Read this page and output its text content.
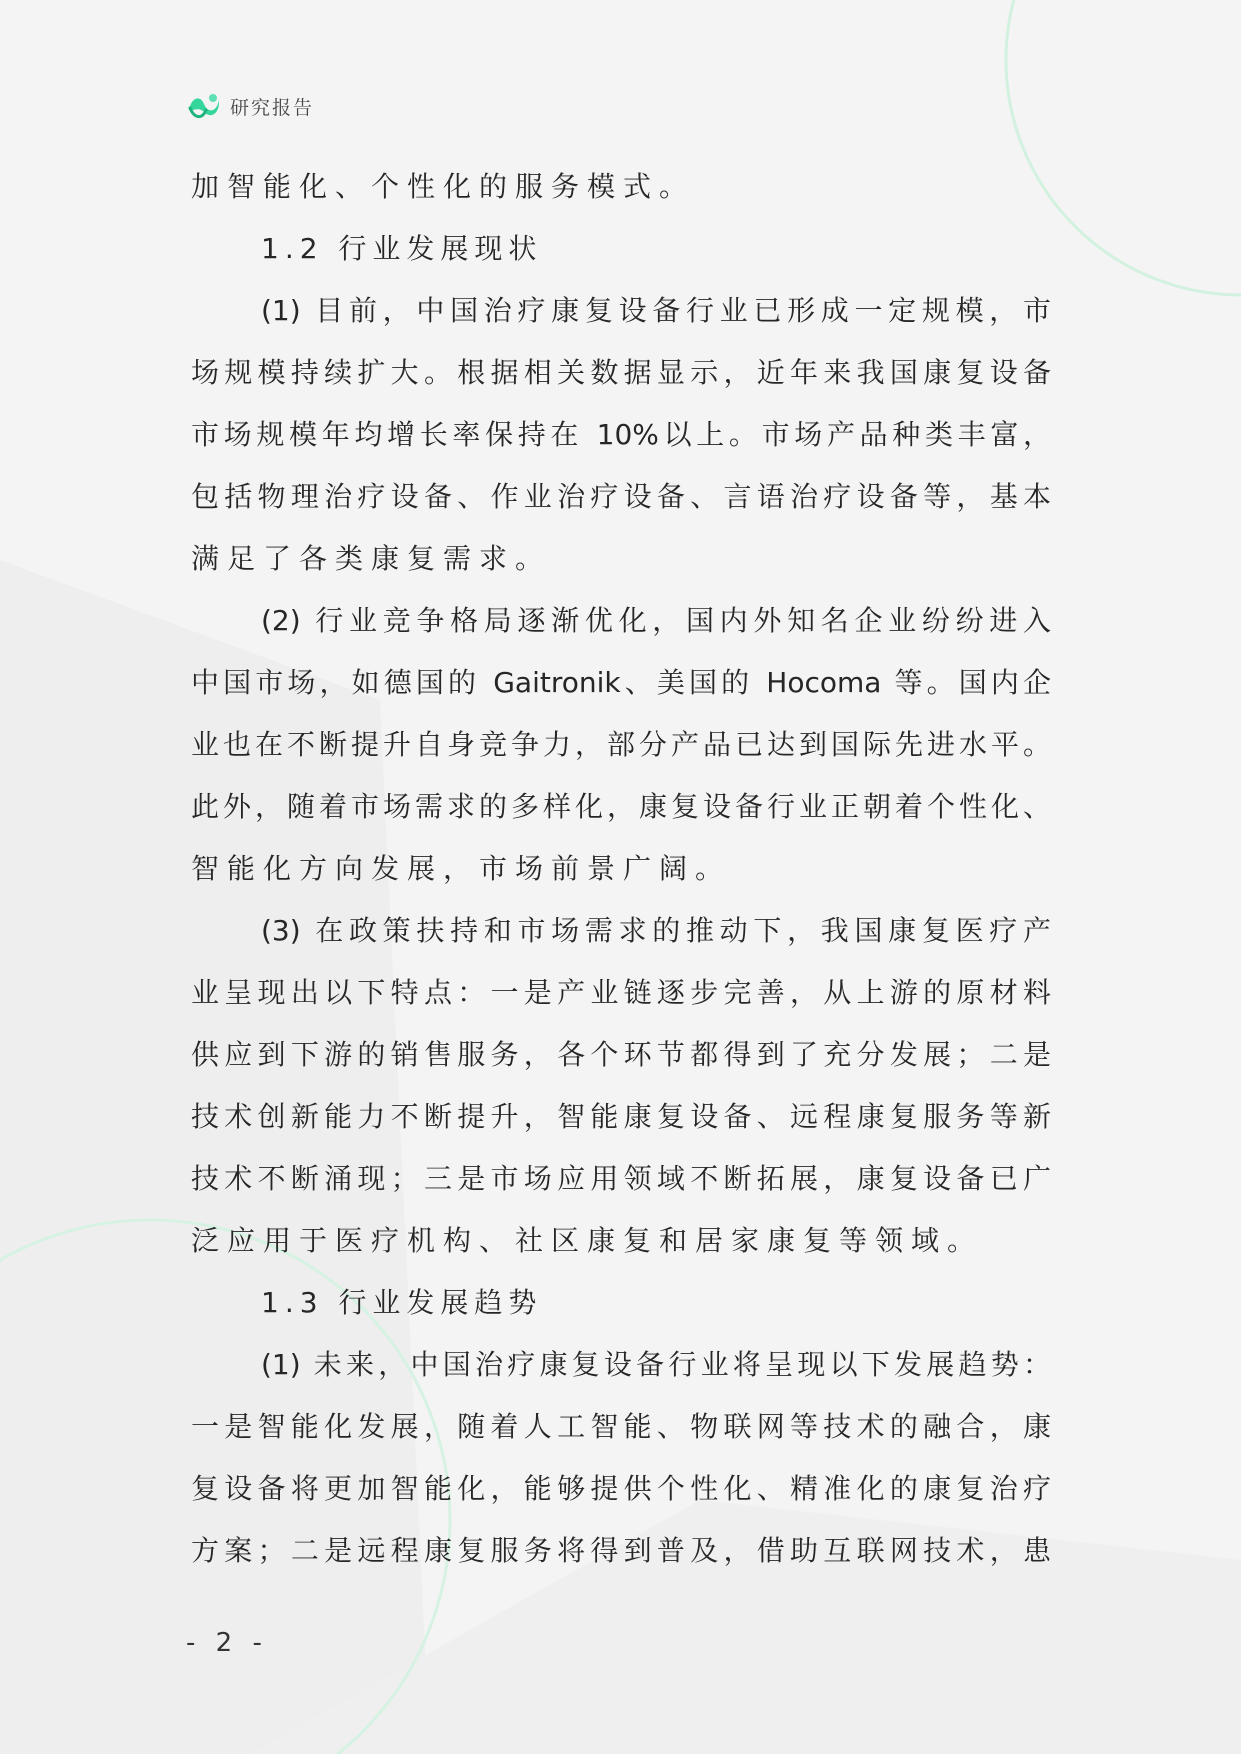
研究报告
加智能化、个性化的服务模式。
1.2 行业发展现状
(1) 目前，中国治疗康复设备行业已形成一定规模，市
场规模持续扩大。根据相关数据显示，近年来我国康复设备
市场规模年均增长率保持在 10%以上。市场产品种类丰富，
包括物理治疗设备、作业治疗设备、言语治疗设备等，基本
满足了各类康复需求。
(2) 行业竞争格局逐渐优化，国内外知名企业纷纷进入
中国市场，如德国的 Gaitronik、美国的 Hocoma 等。国内企
业也在不断提升自身竞争力，部分产品已达到国际先进水平。
此外，随着市场需求的多样化，康复设备行业正朝着个性化、
智能化方向发展，市场前景广阔。
(3) 在政策扶持和市场需求的推动下，我国康复医疗产
业呈现出以下特点：一是产业链逐步完善，从上游的原材料
供应到下游的销售服务，各个环节都得到了充分发展；二是
技术创新能力不断提升，智能康复设备、远程康复服务等新
技术不断涌现；三是市场应用领域不断拓展，康复设备已广
泛应用于医疗机构、社区康复和居家康复等领域。
1.3 行业发展趋势
(1) 未来，中国治疗康复设备行业将呈现以下发展趋势：
一是智能化发展，随着人工智能、物联网等技术的融合，康
复设备将更加智能化，能够提供个性化、精准化的康复治疗
方案；二是远程康复服务将得到普及，借助互联网技术，患
- 2 -
